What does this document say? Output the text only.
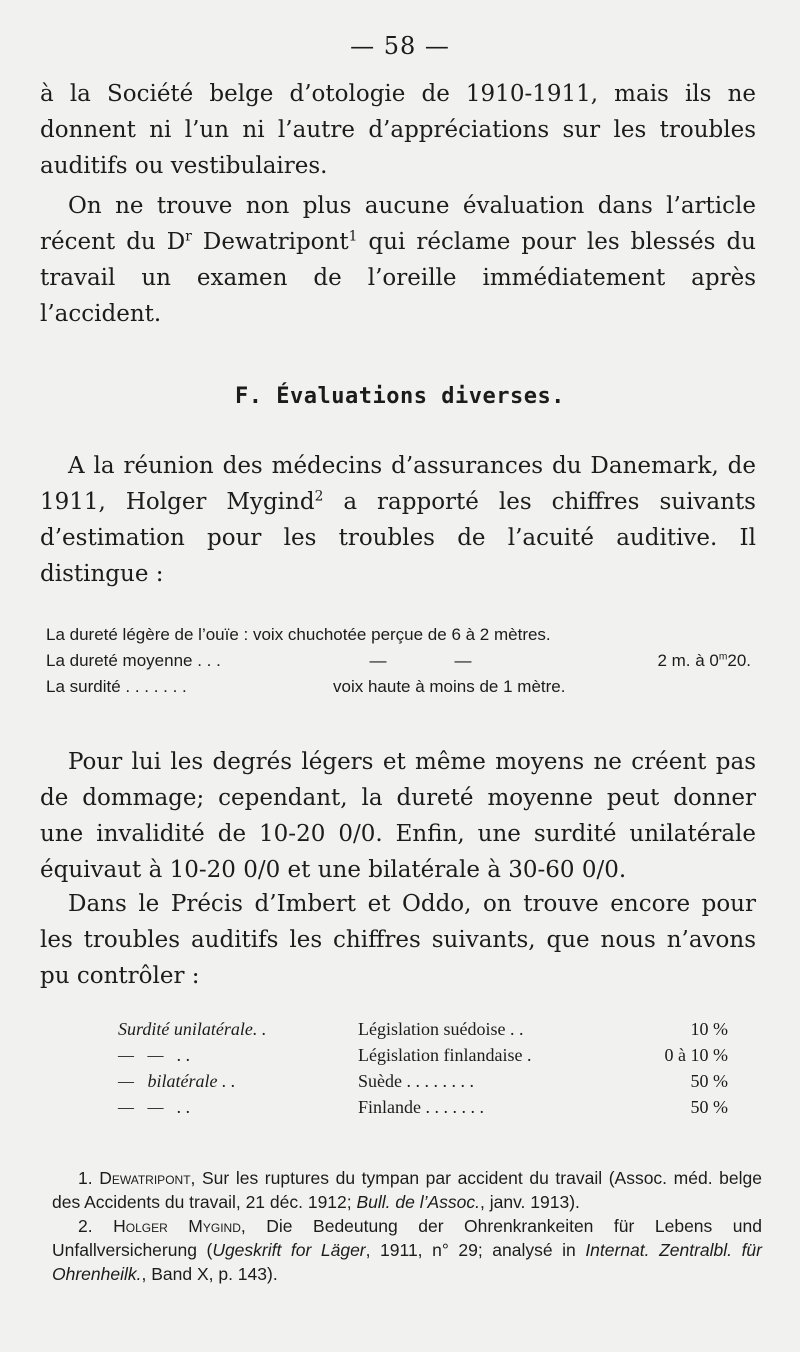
— 58 —

à la Société belge d’otologie de 1910-1911, mais ils ne donnent ni l’un ni l’autre d’appréciations sur les troubles auditifs ou vestibulaires.

On ne trouve non plus aucune évaluation dans l’article récent du $D^r$ Dewatripont$^1$ qui réclame pour les blessés du travail un examen de l’oreille immédiatement après l’accident.

F. Évaluations diverses.

A la réunion des médecins d’assurances du Danemark, de 1911, Holger Mygind$^2$ a rapporté les chiffres suivants d’estimation pour les troubles de l’acuité auditive. Il distingue :

La dureté légère de l’ouïe : voix chuchotée perçue de 6 à 2 mètres.
La dureté moyenne . . .	—	—	2 m. à 0$^m$20.
La surdité . . . . . . .	voix haute à moins de 1 mètre.

Pour lui les degrés légers et même moyens ne créent pas de dommage; cependant, la dureté moyenne peut donner une invalidité de 10-20 0/0. Enfin, une surdité unilatérale équivaut à 10-20 0/0 et une bilatérale à 30-60 0/0.

Dans le Précis d’Imbert et Oddo, on trouve encore pour les troubles auditifs les chiffres suivants, que nous n’avons pu contrôler :

Surdité unilatérale. .	Législation suédoise . .	10 %
—   —   . .	Législation finlandaise .	0 à 10 %
—   bilatérale . .	Suède . . . . . . . .	50 %
—   —   . .	Finlande . . . . . . .	50 %

1. Dewatripont, Sur les ruptures du tympan par accident du travail (Assoc. méd. belge des Accidents du travail, 21 déc. 1912; Bull. de l’Assoc., janv. 1913).

2. Holger Mygind, Die Bedeutung der Ohrenkrankeiten für Lebens und Unfallversicherung (Ugeskrift for Läger, 1911, n° 29; analysé in Internat. Zentralbl. für Ohrenheilk., Band X, p. 143).
